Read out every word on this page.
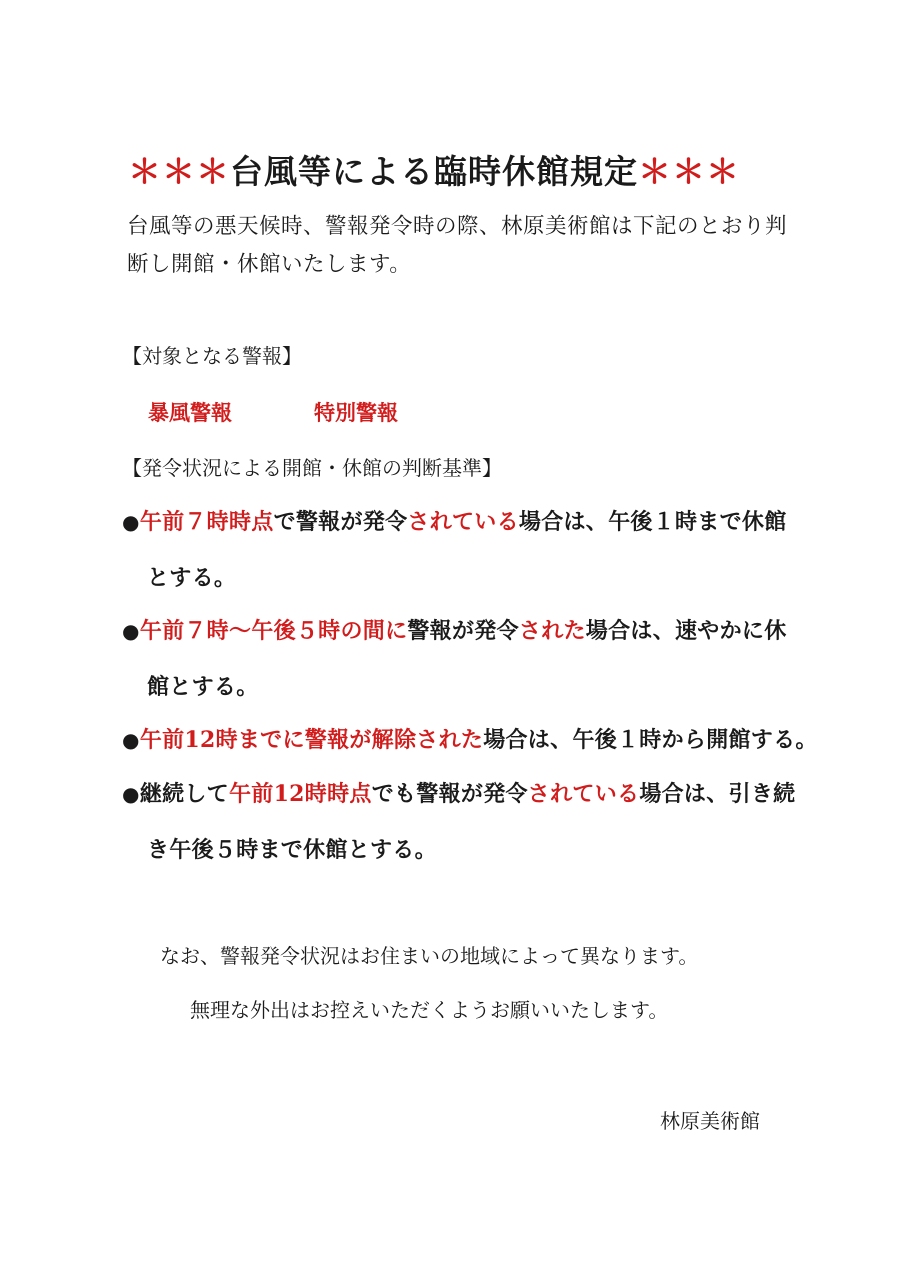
＊＊＊台風等による臨時休館規定＊＊＊
台風等の悪天候時、警報発令時の際、林原美術館は下記のとおり判
断し開館・休館いたします。
【対象となる警報】
暴風警報	特別警報
【発令状況による開館・休館の判断基準】
●午前７時時点で警報が発令されている場合は、午後１時まで休館
とする。
●午前７時～午後５時の間に警報が発令された場合は、速やかに休
館とする。
●午前12時までに警報が解除された場合は、午後１時から開館する。
●継続して午前12時時点でも警報が発令されている場合は、引き続
き午後５時まで休館とする。
なお、警報発令状況はお住まいの地域によって異なります。
無理な外出はお控えいただくようお願いいたします。
林原美術館
